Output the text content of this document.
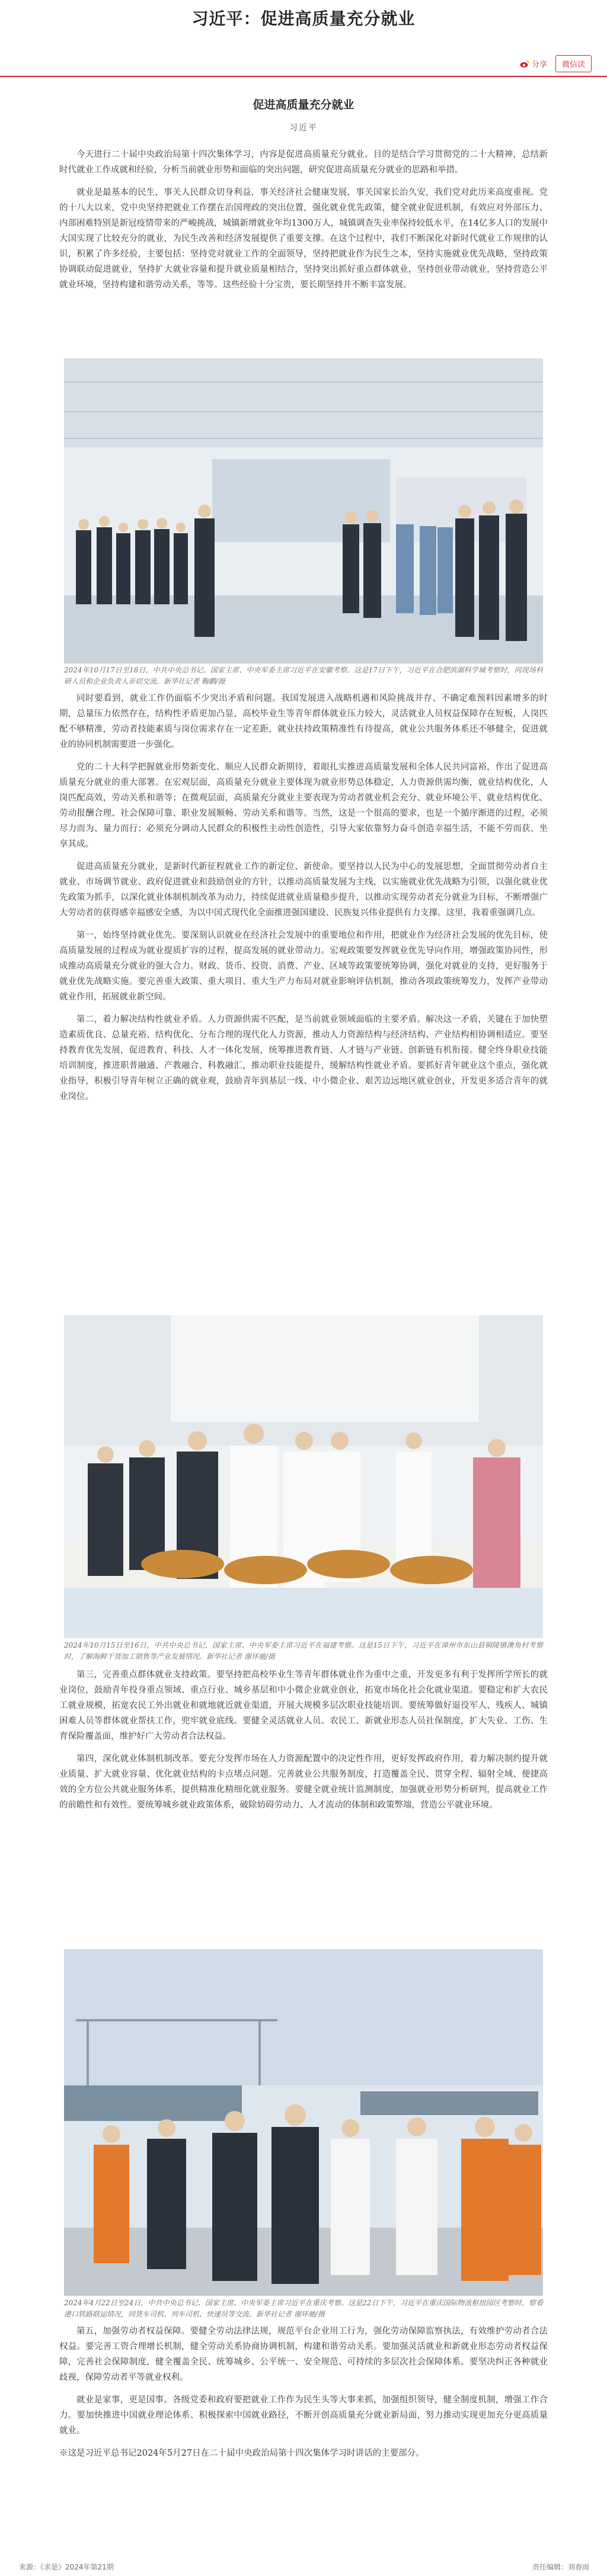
习近平：促进高质量充分就业
分享	微信读
促进高质量充分就业
习近平

今天进行二十届中央政治局第十四次集体学习，内容是促进高质量充分就业。目的是结合学习贯彻党的二十大精神，总结新时代就业工作成就和经验，分析当前就业形势和面临的突出问题，研究促进高质量充分就业的思路和举措。

就业是最基本的民生，事关人民群众切身利益，事关经济社会健康发展，事关国家长治久安，我们党对此历来高度重视。党的十八大以来，党中央坚持把就业工作摆在治国理政的突出位置，强化就业优先政策，健全就业促进机制，有效应对外部压力、内部困难特别是新冠疫情带来的严峻挑战，城镇新增就业年均1300万人，城镇调查失业率保持较低水平，在14亿多人口的发展中大国实现了比较充分的就业，为民生改善和经济发展提供了重要支撑。在这个过程中，我们不断深化对新时代就业工作规律的认识，积累了许多经验，主要包括：坚持党对就业工作的全面领导，坚持把就业作为民生之本，坚持实施就业优先战略，坚持政策协调联动促进就业，坚持扩大就业容量和提升就业质量相结合，坚持突出抓好重点群体就业，坚持创业带动就业，坚持营造公平就业环境，坚持构建和谐劳动关系，等等。这些经验十分宝贵，要长期坚持并不断丰富发展。

2024年10月17日至18日，中共中央总书记、国家主席、中央军委主席习近平在安徽考察。这是17日下午，习近平在合肥滨湖科学城考察时，同现场科研人员和企业负责人亲切交流。新华社记者 鞠鹏/摄

同时要看到，就业工作仍面临不少突出矛盾和问题。我国发展进入战略机遇和风险挑战并存、不确定难预料因素增多的时期，总量压力依然存在，结构性矛盾更加凸显，高校毕业生等青年群体就业压力较大，灵活就业人员权益保障存在短板，人岗匹配不够精准，劳动者技能素质与岗位需求存在一定差距，就业扶持政策精准性有待提高，就业公共服务体系还不够健全，促进就业的协同机制需要进一步强化。

党的二十大科学把握就业形势新变化、顺应人民群众新期待，着眼扎实推进高质量发展和全体人民共同富裕，作出了促进高质量充分就业的重大部署。在宏观层面，高质量充分就业主要体现为就业形势总体稳定，人力资源供需均衡，就业结构优化，人岗匹配高效，劳动关系和谐等；在微观层面，高质量充分就业主要表现为劳动者就业机会充分、就业环境公平、就业结构优化、劳动报酬合理、社会保障可靠、职业发展顺畅、劳动关系和谐等。当然，这是一个很高的要求，也是一个循序渐进的过程，必须尽力而为、量力而行；必须充分调动人民群众的积极性主动性创造性，引导大家依靠努力奋斗创造幸福生活，不能不劳而获、坐享其成。

促进高质量充分就业，是新时代新征程就业工作的新定位、新使命。要坚持以人民为中心的发展思想，全面贯彻劳动者自主就业、市场调节就业、政府促进就业和鼓励创业的方针，以推动高质量发展为主线，以实施就业优先战略为引领，以强化就业优先政策为抓手，以深化就业体制机制改革为动力，持续促进就业质量稳步提升，以推动实现劳动者充分就业为目标，不断增强广大劳动者的获得感幸福感安全感，为以中国式现代化全面推进强国建设、民族复兴伟业提供有力支撑。这里，我着重强调几点。

第一，始终坚持就业优先。要深刻认识就业在经济社会发展中的重要地位和作用，把就业作为经济社会发展的优先目标，使高质量发展的过程成为就业提质扩容的过程，提高发展的就业带动力。宏观政策要发挥就业优先导向作用，增强政策协同性，形成推动高质量充分就业的强大合力。财政、货币、投资、消费、产业、区域等政策要统筹协调，强化对就业的支持，更好服务于就业优先战略实施。要完善重大政策、重大项目、重大生产力布局对就业影响评估机制，推动各项政策统筹发力，发挥产业带动就业作用，拓展就业新空间。

第二，着力解决结构性就业矛盾。人力资源供需不匹配，是当前就业领域面临的主要矛盾。解决这一矛盾，关键在于加快塑造素质优良、总量充裕、结构优化、分布合理的现代化人力资源，推动人力资源结构与经济结构、产业结构相协调相适应。要坚持教育优先发展，促进教育、科技、人才一体化发展，统筹推进教育链、人才链与产业链、创新链有机衔接。健全终身职业技能培训制度，推进职普融通、产教融合、科教融汇，推动职业技能提升，缓解结构性就业矛盾。要抓好青年就业这个重点，强化就业指导，积极引导青年树立正确的就业观，鼓励青年到基层一线、中小微企业、艰苦边远地区就业创业，开发更多适合青年的就业岗位。

2024年10月15日至16日，中共中央总书记、国家主席、中央军委主席习近平在福建考察。这是15日下午，习近平在漳州市东山县铜陵镇澳角村考察时，了解海鲜干货加工销售等产业发展情况。新华社记者 谢环驰/摄

第三，完善重点群体就业支持政策。要坚持把高校毕业生等青年群体就业作为重中之重，开发更多有利于发挥所学所长的就业岗位，鼓励青年投身重点领域、重点行业、城乡基层和中小微企业就业创业，拓宽市场化社会化就业渠道。要稳定和扩大农民工就业规模，拓宽农民工外出就业和就地就近就业渠道，开展大规模多层次职业技能培训。要统筹做好退役军人、残疾人、城镇困难人员等群体就业帮扶工作，兜牢就业底线。要健全灵活就业人员、农民工、新就业形态人员社保制度，扩大失业、工伤、生育保险覆盖面，维护好广大劳动者合法权益。

第四，深化就业体制机制改革。要充分发挥市场在人力资源配置中的决定性作用，更好发挥政府作用，着力解决制约提升就业质量、扩大就业容量、优化就业结构的卡点堵点问题。完善就业公共服务制度，打造覆盖全民、贯穿全程、辐射全域、便捷高效的全方位公共就业服务体系，提供精准化精细化就业服务。要健全就业统计监测制度，加强就业形势分析研判，提高就业工作的前瞻性和有效性。要统筹城乡就业政策体系，破除妨碍劳动力、人才流动的体制和政策弊端，营造公平就业环境。

2024年4月22日至24日，中共中央总书记、国家主席、中央军委主席习近平在重庆考察。这是22日下午，习近平在重庆国际物流枢纽园区考察时，察看港口铁路联运情况，同货车司机、列车司机、快递员等交流。新华社记者 谢环驰/摄

第五，加强劳动者权益保障。要健全劳动法律法规，规范平台企业用工行为，强化劳动保障监察执法，有效维护劳动者合法权益。要完善工资合理增长机制，健全劳动关系协商协调机制，构建和谐劳动关系。要加强灵活就业和新就业形态劳动者权益保障，完善社会保障制度，健全覆盖全民、统筹城乡、公平统一、安全规范、可持续的多层次社会保障体系。要坚决纠正各种就业歧视，保障劳动者平等就业权利。

就业是家事，更是国事。各级党委和政府要把就业工作作为民生头等大事来抓，加强组织领导，健全制度机制，增强工作合力。要加快推进中国就业理论体系、积极探索中国就业路径，不断开创高质量充分就业新局面，努力推动实现更加充分更高质量就业。

※这是习近平总书记2024年5月27日在二十届中央政治局第十四次集体学习时讲话的主要部分。

来源：《求是》2024年第21期	责任编辑：刘春雨
